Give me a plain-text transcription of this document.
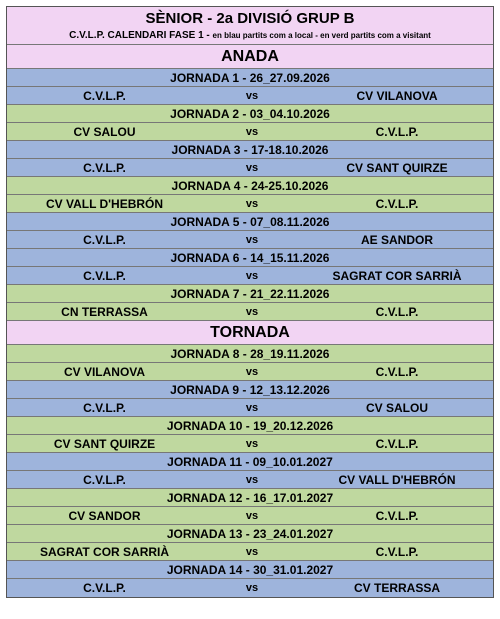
SÈNIOR - 2a DIVISIÓ GRUP B
C.V.L.P. CALENDARI FASE 1 - en blau partits com a local - en verd partits com a visitant
ANADA
JORNADA 1 - 26_27.09.2026
C.V.L.P.	vs	CV VILANOVA
JORNADA 2 - 03_04.10.2026
CV SALOU	vs	C.V.L.P.
JORNADA 3 - 17-18.10.2026
C.V.L.P.	vs	CV SANT QUIRZE
JORNADA 4 - 24-25.10.2026
CV VALL D'HEBRÓN	vs	C.V.L.P.
JORNADA 5 - 07_08.11.2026
C.V.L.P.	vs	AE SANDOR
JORNADA 6 - 14_15.11.2026
C.V.L.P.	vs	SAGRAT COR SARRIÀ
JORNADA 7 - 21_22.11.2026
CN TERRASSA	vs	C.V.L.P.
TORNADA
JORNADA 8 - 28_19.11.2026
CV VILANOVA	vs	C.V.L.P.
JORNADA 9 - 12_13.12.2026
C.V.L.P.	vs	CV SALOU
JORNADA 10 - 19_20.12.2026
CV SANT QUIRZE	vs	C.V.L.P.
JORNADA 11 - 09_10.01.2027
C.V.L.P.	vs	CV VALL D'HEBRÓN
JORNADA 12 - 16_17.01.2027
CV SANDOR	vs	C.V.L.P.
JORNADA 13 - 23_24.01.2027
SAGRAT COR SARRIÀ	vs	C.V.L.P.
JORNADA 14 - 30_31.01.2027
C.V.L.P.	vs	CV TERRASSA
